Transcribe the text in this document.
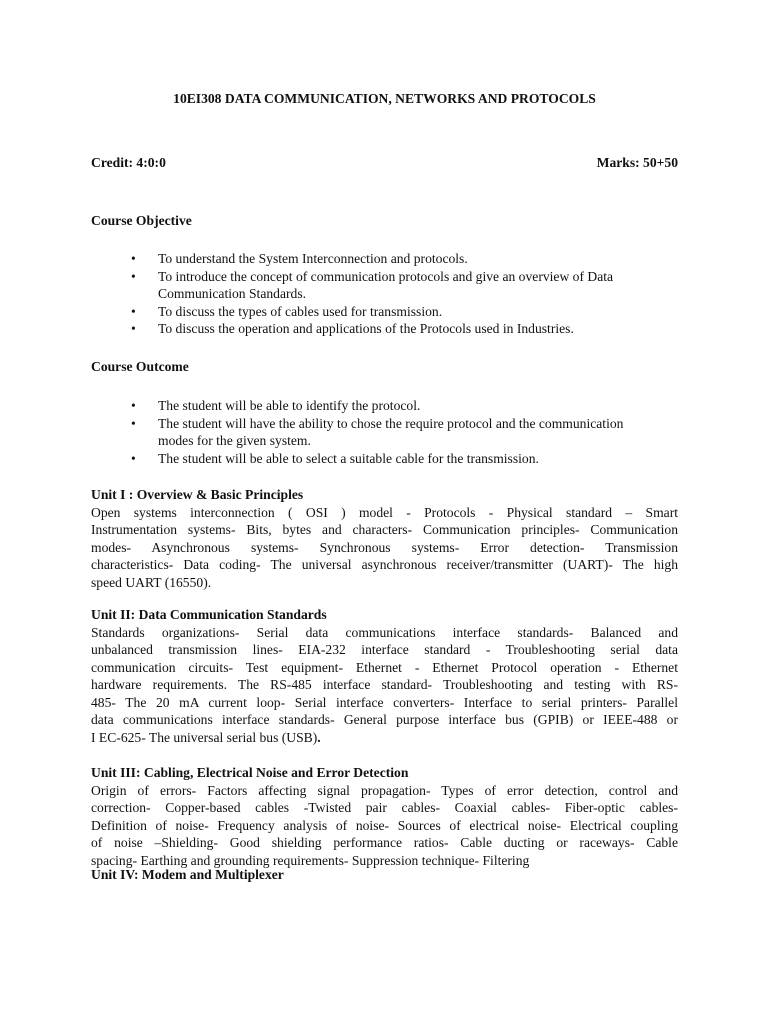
10EI308 DATA COMMUNICATION, NETWORKS AND PROTOCOLS
Credit: 4:0:0	Marks: 50+50
Course Objective
• To understand the System Interconnection and protocols.
• To introduce the concept of communication protocols and give an overview of Data
Communication Standards.
• To discuss the types of cables used for transmission.
• To discuss the operation and applications of the Protocols used in Industries.
Course Outcome
• The student will be able to identify the protocol.
• The student will have the ability to chose the require protocol and the communication
modes for the given system.
• The student will be able to select a suitable cable for the transmission.
Unit I : Overview & Basic Principles
Open systems interconnection ( OSI ) model - Protocols - Physical standard – Smart
Instrumentation systems- Bits, bytes and characters- Communication principles- Communication
modes- Asynchronous systems- Synchronous systems- Error detection- Transmission
characteristics- Data coding- The universal asynchronous receiver/transmitter (UART)- The high
speed UART (16550).
Unit II: Data Communication Standards
Standards organizations- Serial data communications interface standards- Balanced and
unbalanced transmission lines- EIA-232 interface standard - Troubleshooting serial data
communication circuits- Test equipment- Ethernet - Ethernet Protocol operation - Ethernet
hardware requirements. The RS-485 interface standard- Troubleshooting and testing with RS-
485- The 20 mA current loop- Serial interface converters- Interface to serial printers- Parallel
data communications interface standards- General purpose interface bus (GPIB) or IEEE-488 or
I EC-625- The universal serial bus (USB).
Unit III: Cabling, Electrical Noise and Error Detection
Origin of errors- Factors affecting signal propagation- Types of error detection, control and
correction- Copper-based cables -Twisted pair cables- Coaxial cables- Fiber-optic cables-
Definition of noise- Frequency analysis of noise- Sources of electrical noise- Electrical coupling
of noise –Shielding- Good shielding performance ratios- Cable ducting or raceways- Cable
spacing- Earthing and grounding requirements- Suppression technique- Filtering
Unit IV: Modem and Multiplexer
